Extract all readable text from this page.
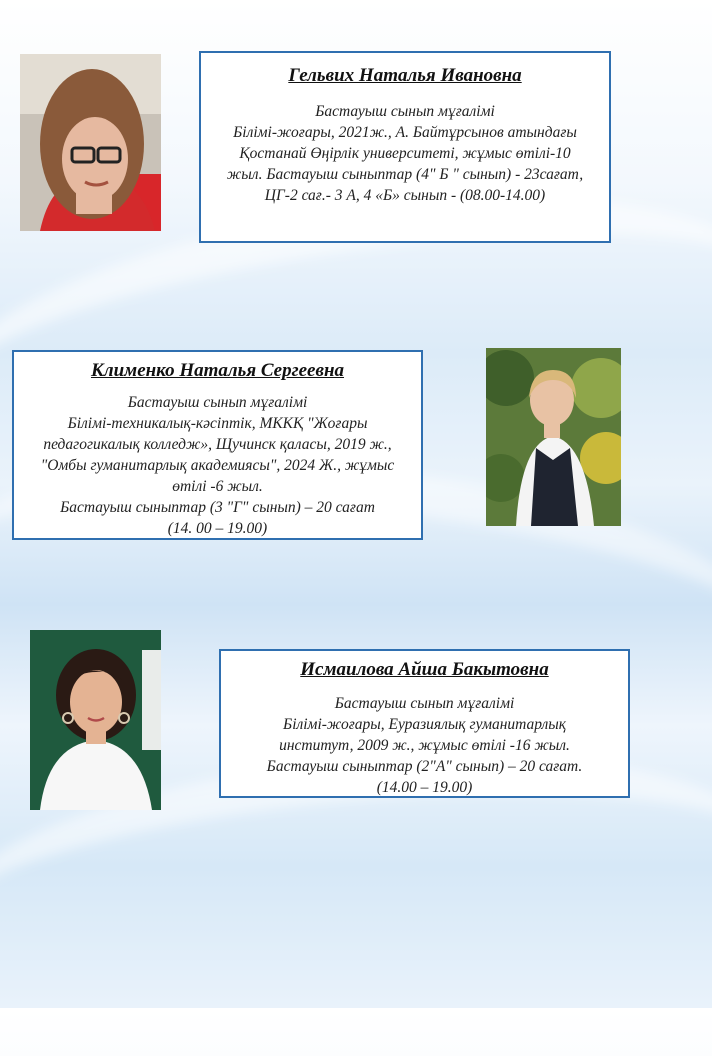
Гельвих Наталья Ивановна
Бастауыш сынып мұғалімі
Білімі-жоғары, 2021ж., А. Байтұрсынов атындағы
Қостанай Өңірлік университеті, жұмыс өтілі-10
жыл. Бастауыш сыныптар (4" Б " сынып) - 23сағат,
ЦГ-2 сағ.- 3 А, 4 «Б» сынып - (08.00-14.00)
Клименко Наталья Сергеевна
Бастауыш сынып мұғалімі
Білімі-техникалық-кәсіптік, МККҚ "Жоғары
педагогикалық колледж», Щучинск қаласы, 2019 ж.,
"Омбы гуманитарлық академиясы", 2024 Ж., жұмыс
өтілі -6 жыл.
Бастауыш сыныптар (3 "Г" сынып) – 20 сағат
(14. 00 – 19.00)
Исмаилова Айша Бакытовна
Бастауыш сынып мұғалімі
Білімі-жоғары, Еуразиялық гуманитарлық
институт, 2009 ж., жұмыс өтілі -16 жыл.
Бастауыш сыныптар (2"А" сынып) – 20 сағат.
(14.00 – 19.00)
